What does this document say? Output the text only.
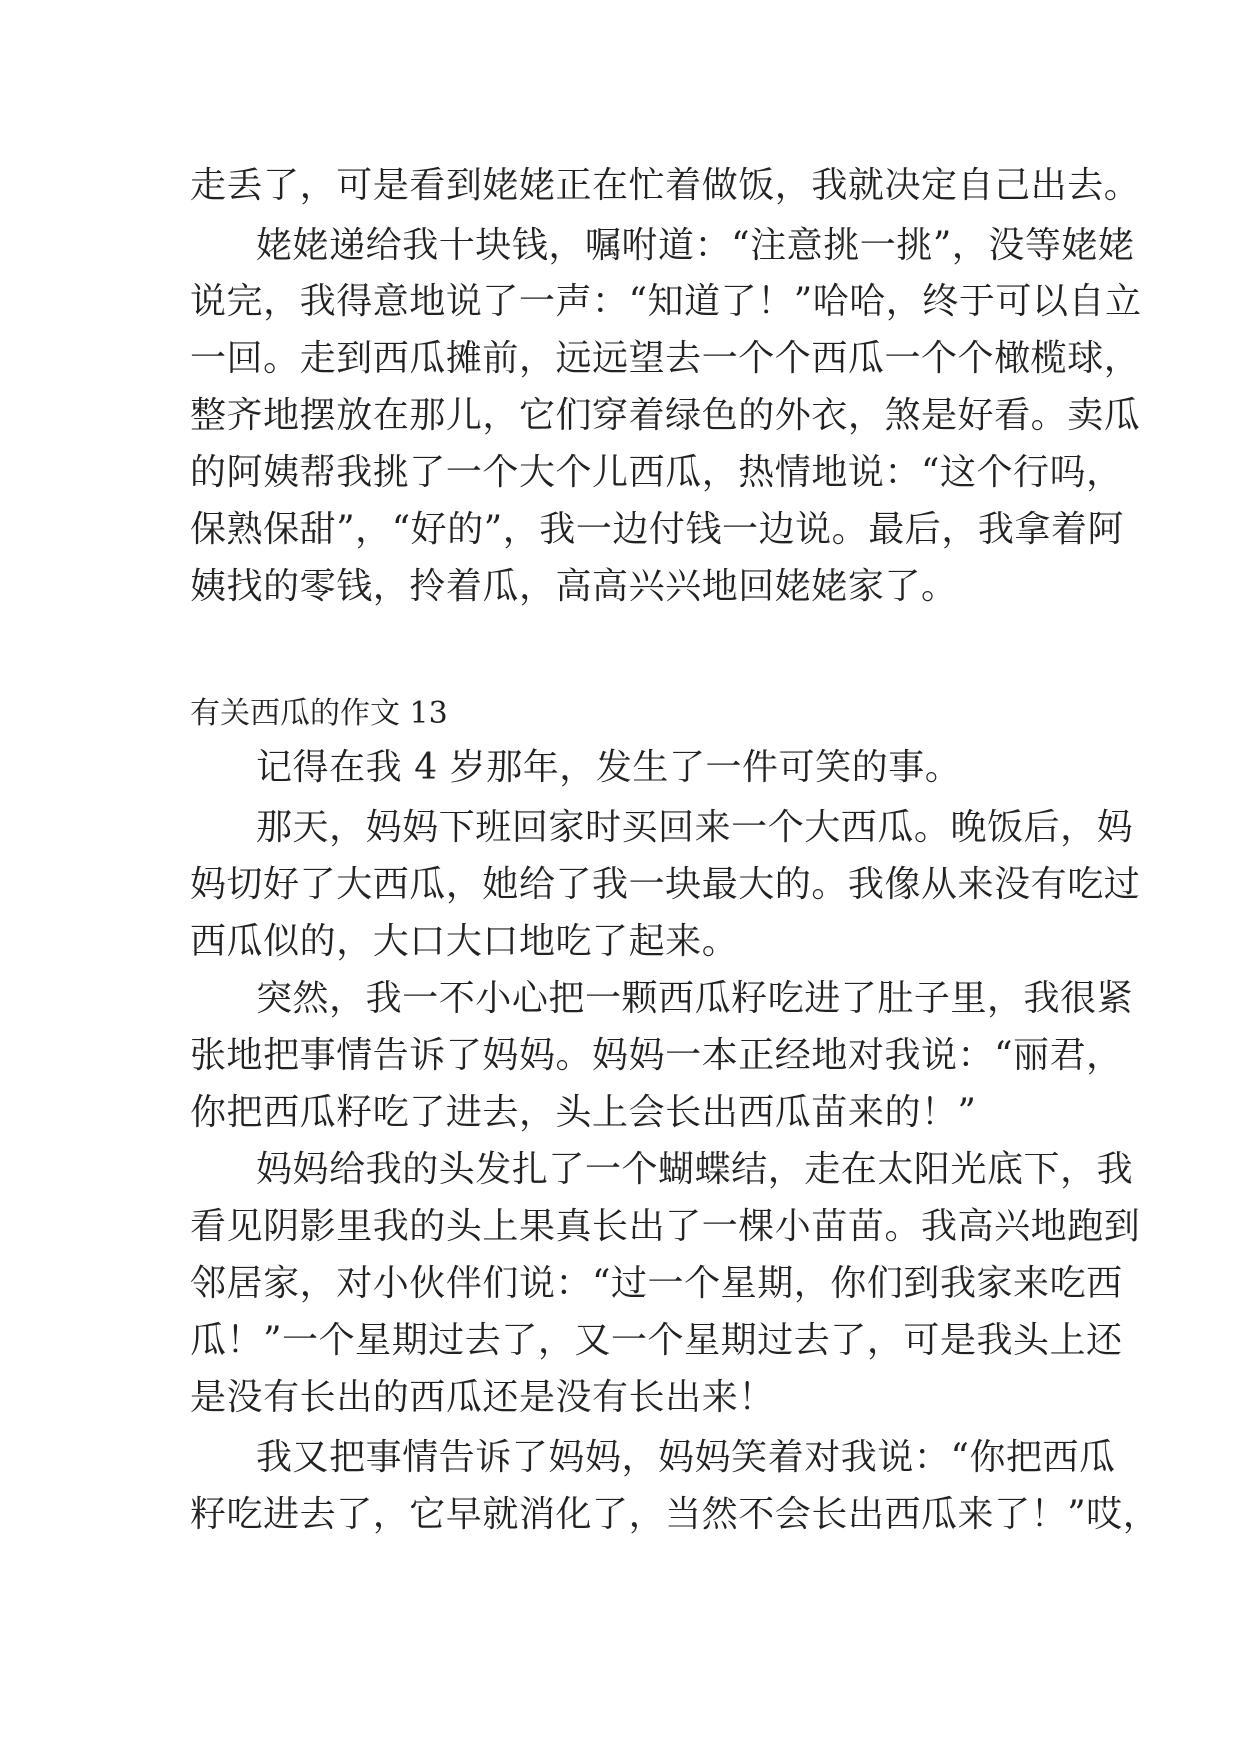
走丢了，可是看到姥姥正在忙着做饭，我就决定自己出去。
姥姥递给我十块钱，嘱咐道：“注意挑一挑”，没等姥姥
说完，我得意地说了一声：“知道了！”哈哈，终于可以自立
一回。走到西瓜摊前，远远望去一个个西瓜一个个橄榄球，
整齐地摆放在那儿，它们穿着绿色的外衣，煞是好看。卖瓜
的阿姨帮我挑了一个大个儿西瓜，热情地说：“这个行吗，
保熟保甜”，“好的”，我一边付钱一边说。最后，我拿着阿
姨找的零钱，拎着瓜，高高兴兴地回姥姥家了。
有关西瓜的作文 13
记得在我 4 岁那年，发生了一件可笑的事。
那天，妈妈下班回家时买回来一个大西瓜。晚饭后，妈
妈切好了大西瓜，她给了我一块最大的。我像从来没有吃过
西瓜似的，大口大口地吃了起来。
突然，我一不小心把一颗西瓜籽吃进了肚子里，我很紧
张地把事情告诉了妈妈。妈妈一本正经地对我说：“丽君，
你把西瓜籽吃了进去，头上会长出西瓜苗来的！”
妈妈给我的头发扎了一个蝴蝶结，走在太阳光底下，我
看见阴影里我的头上果真长出了一棵小苗苗。我高兴地跑到
邻居家，对小伙伴们说：“过一个星期，你们到我家来吃西
瓜！”一个星期过去了，又一个星期过去了，可是我头上还
是没有长出的西瓜还是没有长出来！
我又把事情告诉了妈妈，妈妈笑着对我说：“你把西瓜
籽吃进去了，它早就消化了，当然不会长出西瓜来了！”哎，
